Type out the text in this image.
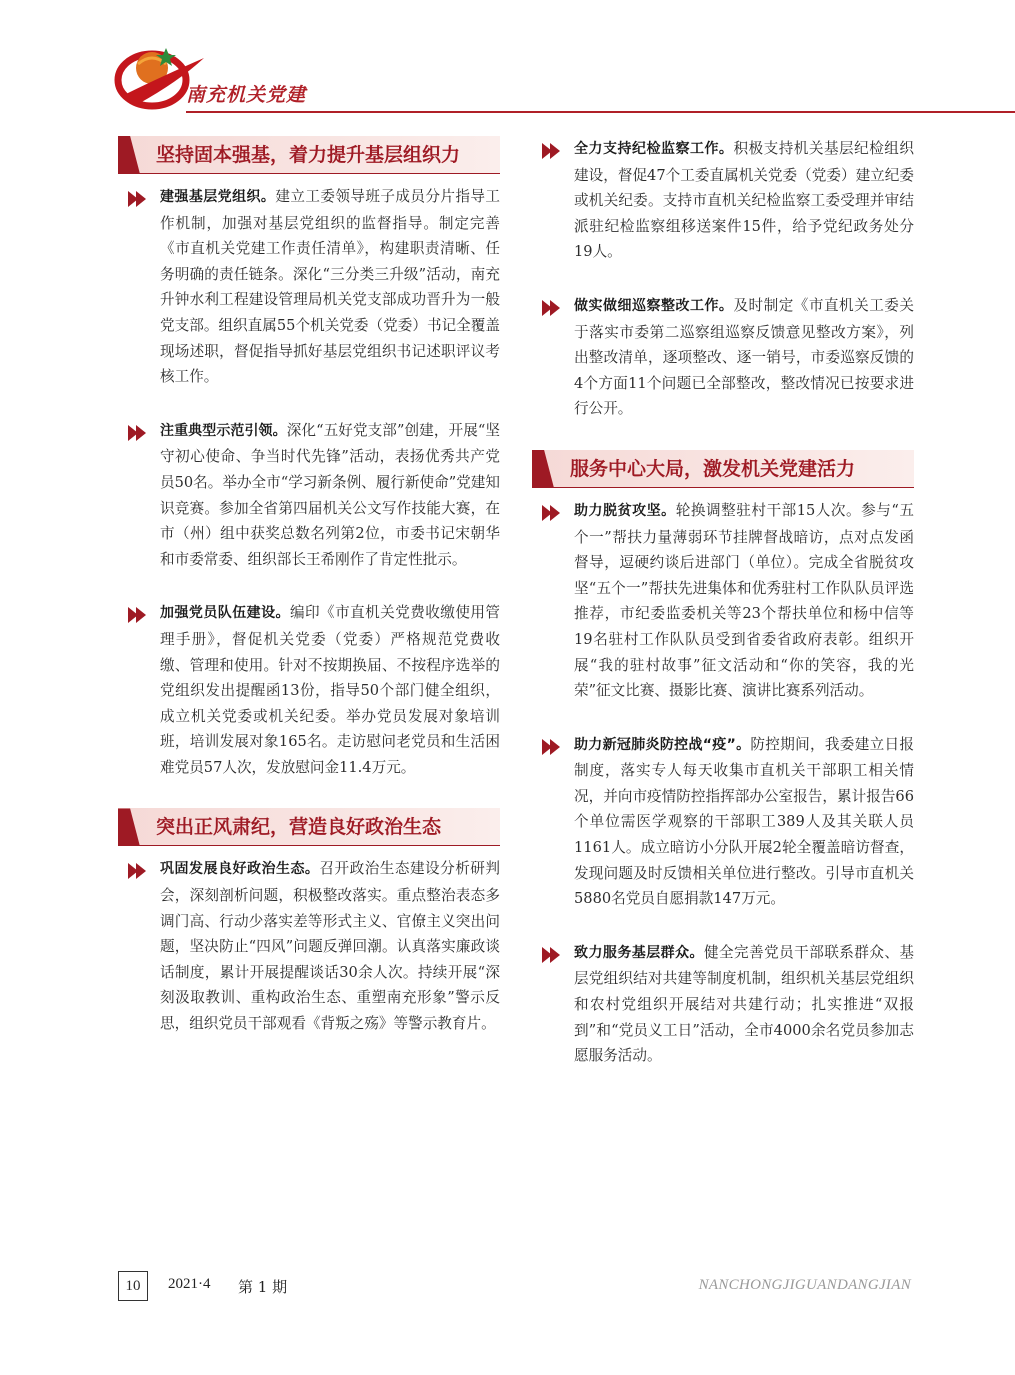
南充机关党建
坚持固本强基，着力提升基层组织力

建强基层党组织。建立工委领导班子成员分片指导工作机制，加强对基层党组织的监督指导。制定完善《市直机关党建工作责任清单》，构建职责清晰、任务明确的责任链条。深化“三分类三升级”活动，南充升钟水利工程建设管理局机关党支部成功晋升为一般党支部。组织直属55个机关党委（党委）书记全覆盖现场述职，督促指导抓好基层党组织书记述职评议考核工作。

注重典型示范引领。深化“五好党支部”创建，开展“坚守初心使命、争当时代先锋”活动，表扬优秀共产党员50名。举办全市“学习新条例、履行新使命”党建知识竞赛。参加全省第四届机关公文写作技能大赛，在市（州）组中获奖总数名列第2位，市委书记宋朝华和市委常委、组织部长王希刚作了肯定性批示。

加强党员队伍建设。编印《市直机关党费收缴使用管理手册》，督促机关党委（党委）严格规范党费收缴、管理和使用。针对不按期换届、不按程序选举的党组织发出提醒函13份，指导50个部门健全组织，成立机关党委或机关纪委。举办党员发展对象培训班，培训发展对象165名。走访慰问老党员和生活困难党员57人次，发放慰问金11.4万元。

突出正风肃纪，营造良好政治生态

巩固发展良好政治生态。召开政治生态建设分析研判会，深刻剖析问题，积极整改落实。重点整治表态多调门高、行动少落实差等形式主义、官僚主义突出问题，坚决防止“四风”问题反弹回潮。认真落实廉政谈话制度，累计开展提醒谈话30余人次。持续开展“深刻汲取教训、重构政治生态、重塑南充形象”警示反思，组织党员干部观看《背叛之殇》等警示教育片。

全力支持纪检监察工作。积极支持机关基层纪检组织建设，督促47个工委直属机关党委（党委）建立纪委或机关纪委。支持市直机关纪检监察工委受理并审结派驻纪检监察组移送案件15件，给予党纪政务处分19人。

做实做细巡察整改工作。及时制定《市直机关工委关于落实市委第二巡察组巡察反馈意见整改方案》，列出整改清单，逐项整改、逐一销号，市委巡察反馈的4个方面11个问题已全部整改，整改情况已按要求进行公开。

服务中心大局，激发机关党建活力

助力脱贫攻坚。轮换调整驻村干部15人次。参与“五个一”帮扶力量薄弱环节挂牌督战暗访，点对点发函督导，逗硬约谈后进部门（单位）。完成全省脱贫攻坚“五个一”帮扶先进集体和优秀驻村工作队队员评选推荐，市纪委监委机关等23个帮扶单位和杨中信等19名驻村工作队队员受到省委省政府表彰。组织开展“我的驻村故事”征文活动和“你的笑容，我的光荣”征文比赛、摄影比赛、演讲比赛系列活动。

助力新冠肺炎防控战“疫”。防控期间，我委建立日报制度，落实专人每天收集市直机关干部职工相关情况，并向市疫情防控指挥部办公室报告，累计报告66个单位需医学观察的干部职工389人及其关联人员1161人。成立暗访小分队开展2轮全覆盖暗访督查，发现问题及时反馈相关单位进行整改。引导市直机关5880名党员自愿捐款147万元。

致力服务基层群众。健全完善党员干部联系群众、基层党组织结对共建等制度机制，组织机关基层党组织和农村党组织开展结对共建行动；扎实推进“双报到”和“党员义工日”活动，全市4000余名党员参加志愿服务活动。

10	2021·4 第 1 期	NANCHONGJIGUANDANGJIAN
